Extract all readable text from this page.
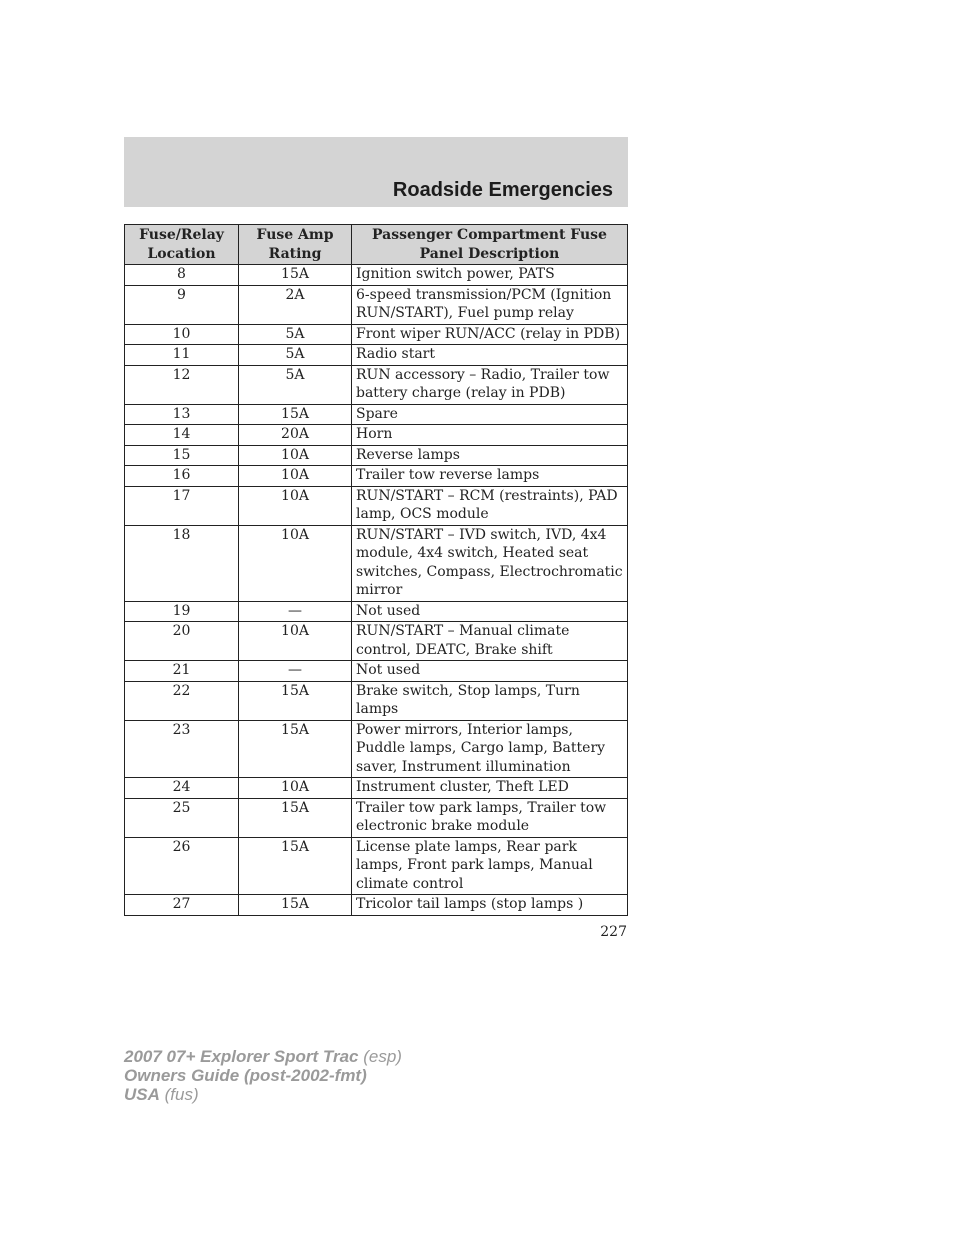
Roadside Emergencies
Fuse/Relay Location	Fuse Amp Rating	Passenger Compartment Fuse Panel Description
8	15A	Ignition switch power, PATS
9	2A	6-speed transmission/PCM (Ignition RUN/START), Fuel pump relay
10	5A	Front wiper RUN/ACC (relay in PDB)
11	5A	Radio start
12	5A	RUN accessory – Radio, Trailer tow battery charge (relay in PDB)
13	15A	Spare
14	20A	Horn
15	10A	Reverse lamps
16	10A	Trailer tow reverse lamps
17	10A	RUN/START – RCM (restraints), PAD lamp, OCS module
18	10A	RUN/START – IVD switch, IVD, 4x4 module, 4x4 switch, Heated seat switches, Compass, Electrochromatic mirror
19	—	Not used
20	10A	RUN/START – Manual climate control, DEATC, Brake shift
21	—	Not used
22	15A	Brake switch, Stop lamps, Turn lamps
23	15A	Power mirrors, Interior lamps, Puddle lamps, Cargo lamp, Battery saver, Instrument illumination
24	10A	Instrument cluster, Theft LED
25	15A	Trailer tow park lamps, Trailer tow electronic brake module
26	15A	License plate lamps, Rear park lamps, Front park lamps, Manual climate control
27	15A	Tricolor tail lamps (stop lamps )
227
2007 07+ Explorer Sport Trac (esp)
Owners Guide (post-2002-fmt)
USA (fus)
